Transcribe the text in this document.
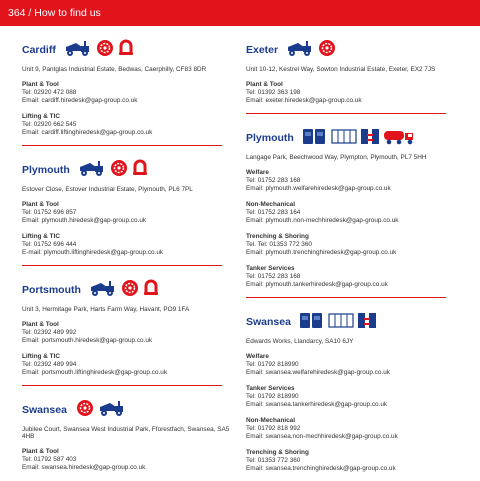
364 / How to find us
Cardiff
Unit 9, Pantglas Industrial Estate, Bedwas, Caerphilly, CF83 8DR
Plant & Tool
Tel: 02920 472 088
Email: cardiff.hiredesk@gap-group.co.uk
Lifting & TIC
Tel: 02920 662 545
Email: cardiff.liftinghiredesk@gap-group.co.uk
Plymouth
Estover Close, Estover Industrial Estate, Plymouth, PL6 7PL
Plant & Tool
Tel: 01752 696 857
Email: plymouth.hiredesk@gap-group.co.uk
Lifting & TIC
Tel: 01752 696 444
E-mail: plymouth.liftinghiredesk@gap-group.co.uk
Portsmouth
Unit 3, Hermitage Park, Harts Farm Way, Havant, PO9 1FA
Plant & Tool
Tel: 02392 489 992
Email: portsmouth.hiredesk@gap-group.co.uk
Lifting & TIC
Tel: 02392 489 994
Email: portsmouth.liftinghiredesk@gap-group.co.uk
Swansea
Jubilee Court, Swansea West Industrial Park, Fforestfach, Swansea, SA5 4HB
Plant & Tool
Tel: 01792 587 403
Email: swansea.hiredesk@gap-group.co.uk
Exeter
Unit 10-12, Kestrel Way, Sowton Industrial Estate, Exeter, EX2 7JS
Plant & Tool
Tel: 01392 363 198
Email: exeter.hiredesk@gap-group.co.uk
Plymouth
Langage Park, Beechwood Way, Plympton, Plymouth, PL7 5HH
Welfare
Tel: 01752 283 168
Email: plymouth.welfarehiredesk@gap-group.co.uk
Non-Mechanical
Tel: 01752 283 164
Email: plymouth.non-mechhiredesk@gap-group.co.uk
Trenching & Shoring
Tel. Tel: 01353 772 360
Email: plymouth.trenchinghiredesk@gap-group.co.uk
Tanker Services
Tel: 01752 283 168
Email: plymouth.tankerhiredesk@gap-group.co.uk
Swansea
Edwards Works, Llandarcy, SA10 6JY
Welfare
Tel: 01792 818990
Email: swansea.welfarehiredesk@gap-group.co.uk
Tanker Services
Tel: 01792 818990
Email: swansea.tankerhiredesk@gap-group.co.uk
Non-Mechanical
Tel: 01792 818 992
Email: swansea.non-mechhiredesk@gap-group.co.uk
Trenching & Shoring
Tel: 01353 772 360
Email: swansea.trenchinghiredesk@gap-group.co.uk
